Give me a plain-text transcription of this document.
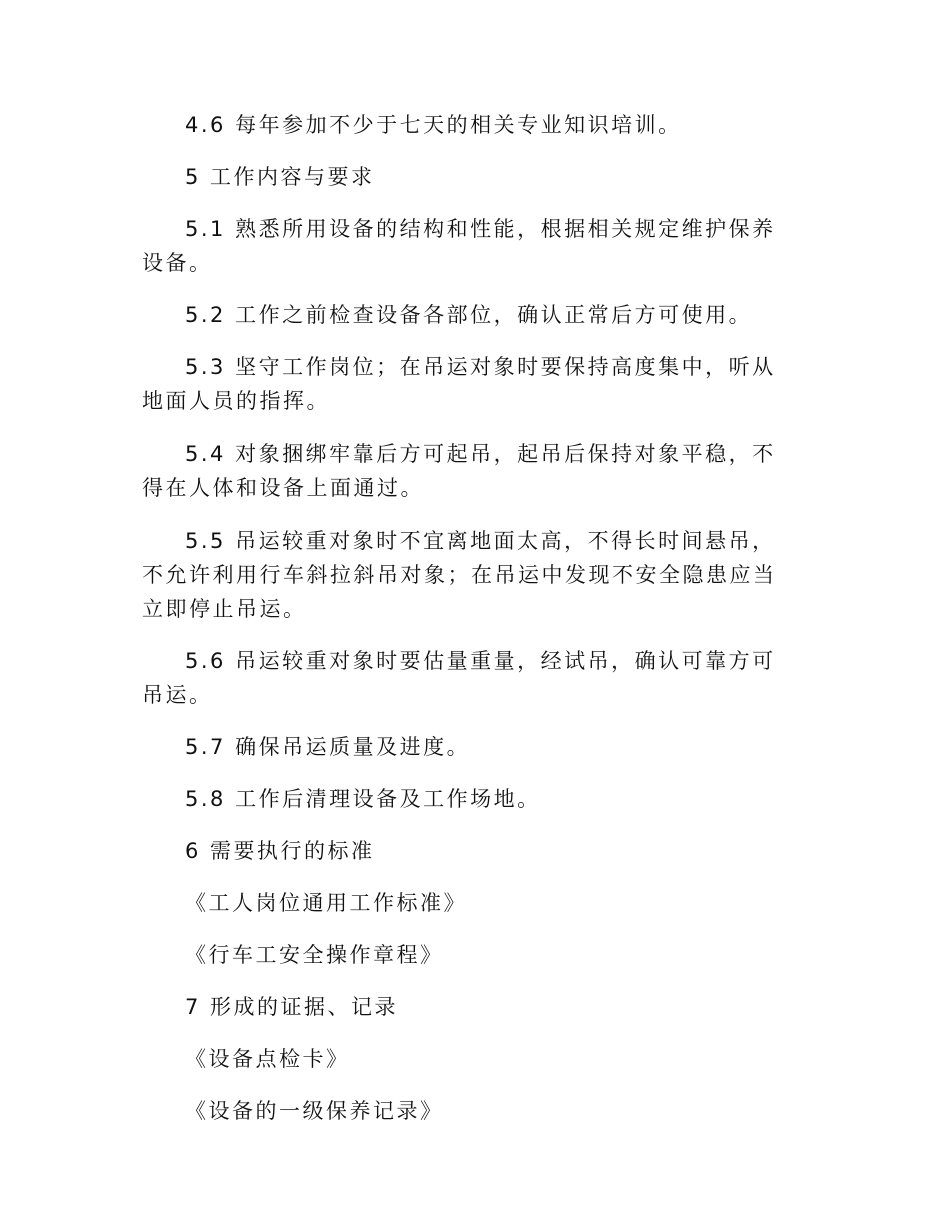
4.6 每年参加不少于七天的相关专业知识培训。

5 工作内容与要求

5.1 熟悉所用设备的结构和性能，根据相关规定维护保养设备。

5.2 工作之前检查设备各部位，确认正常后方可使用。

5.3 坚守工作岗位；在吊运对象时要保持高度集中，听从地面人员的指挥。

5.4 对象捆绑牢靠后方可起吊，起吊后保持对象平稳，不得在人体和设备上面通过。

5.5 吊运较重对象时不宜离地面太高，不得长时间悬吊，不允许利用行车斜拉斜吊对象；在吊运中发现不安全隐患应当立即停止吊运。

5.6 吊运较重对象时要估量重量，经试吊，确认可靠方可吊运。

5.7 确保吊运质量及进度。

5.8 工作后清理设备及工作场地。

6 需要执行的标准

《工人岗位通用工作标准》

《行车工安全操作章程》

7 形成的证据、记录

《设备点检卡》

《设备的一级保养记录》
